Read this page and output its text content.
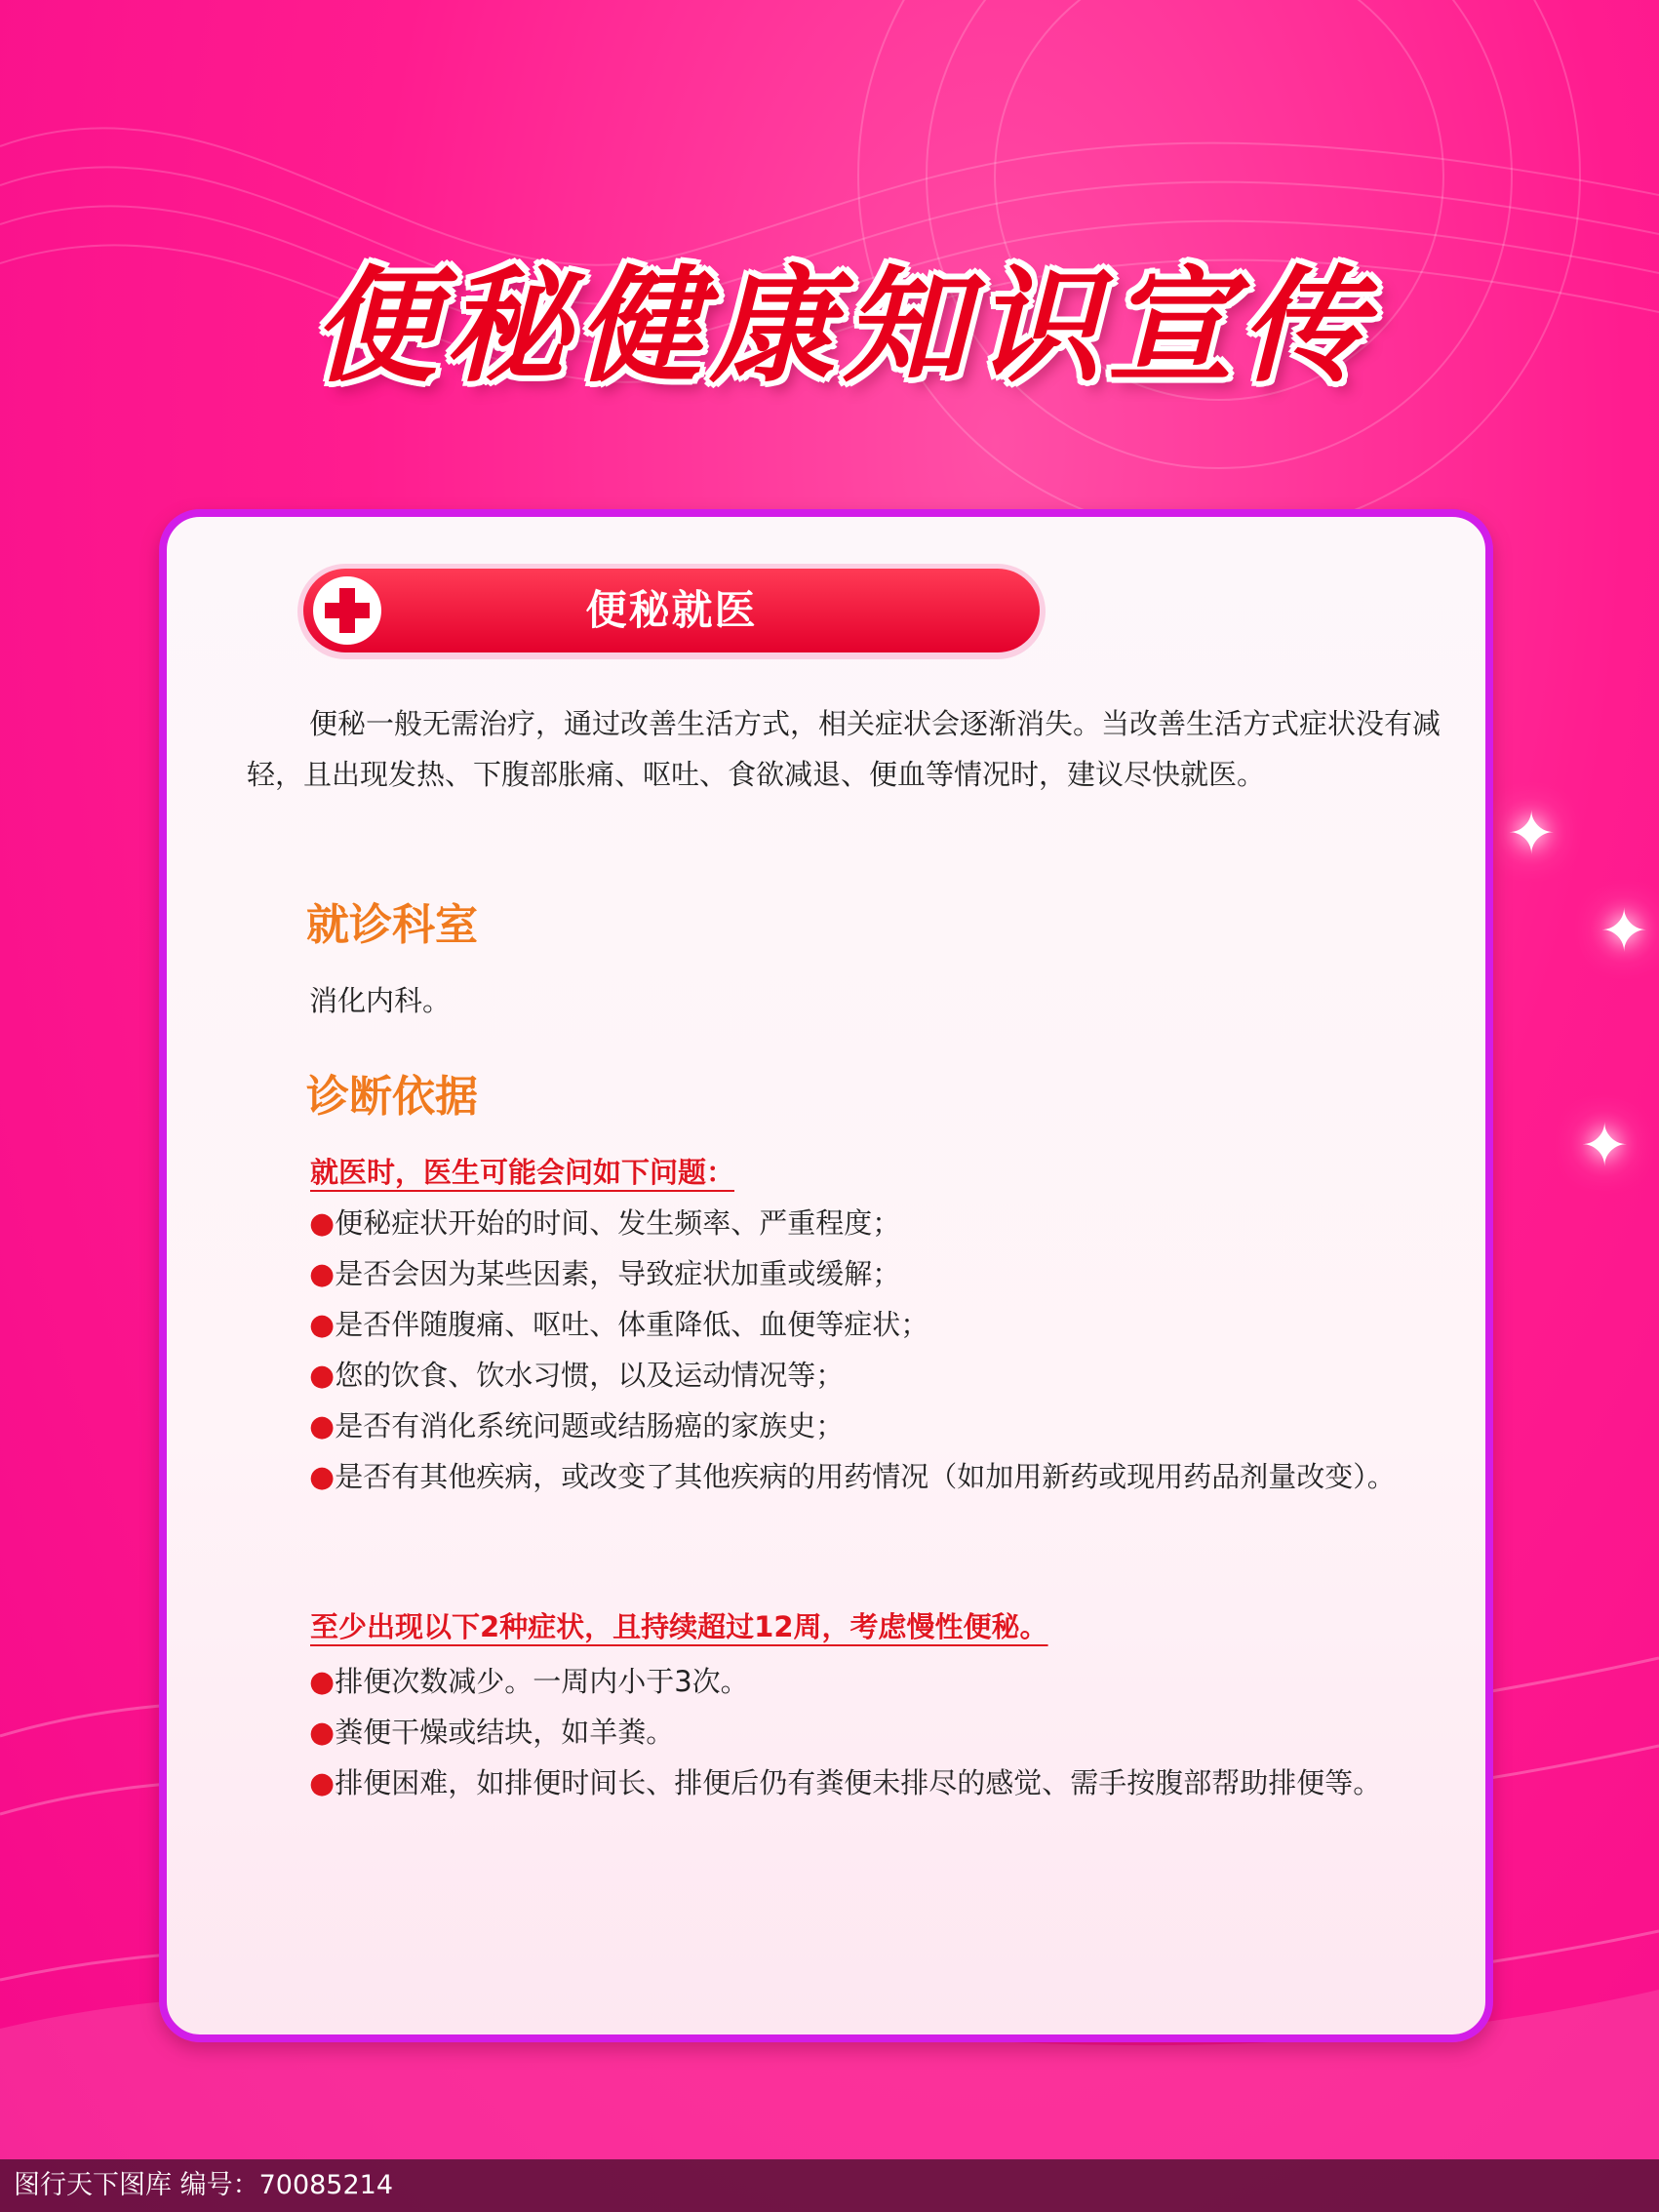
✦
✦
✦
便秘健康知识宣传
便秘就医
便秘一般无需治疗，通过改善生活方式，相关症状会逐渐消失。当改善生活方式症状没有减轻，且出现发热、下腹部胀痛、呕吐、食欲减退、便血等情况时，建议尽快就医。
就诊科室
消化内科。
诊断依据
就医时，医生可能会问如下问题：
●便秘症状开始的时间、发生频率、严重程度；
●是否会因为某些因素，导致症状加重或缓解；
●是否伴随腹痛、呕吐、体重降低、血便等症状；
●您的饮食、饮水习惯，以及运动情况等；
●是否有消化系统问题或结肠癌的家族史；
●是否有其他疾病，或改变了其他疾病的用药情况（如加用新药或现用药品剂量改变）。
至少出现以下2种症状，且持续超过12周，考虑慢性便秘。
●排便次数减少。一周内小于3次。
●粪便干燥或结块，如羊粪。
●排便困难，如排便时间长、排便后仍有粪便未排尽的感觉、需手按腹部帮助排便等。
图行天下图库 编号：70085214
